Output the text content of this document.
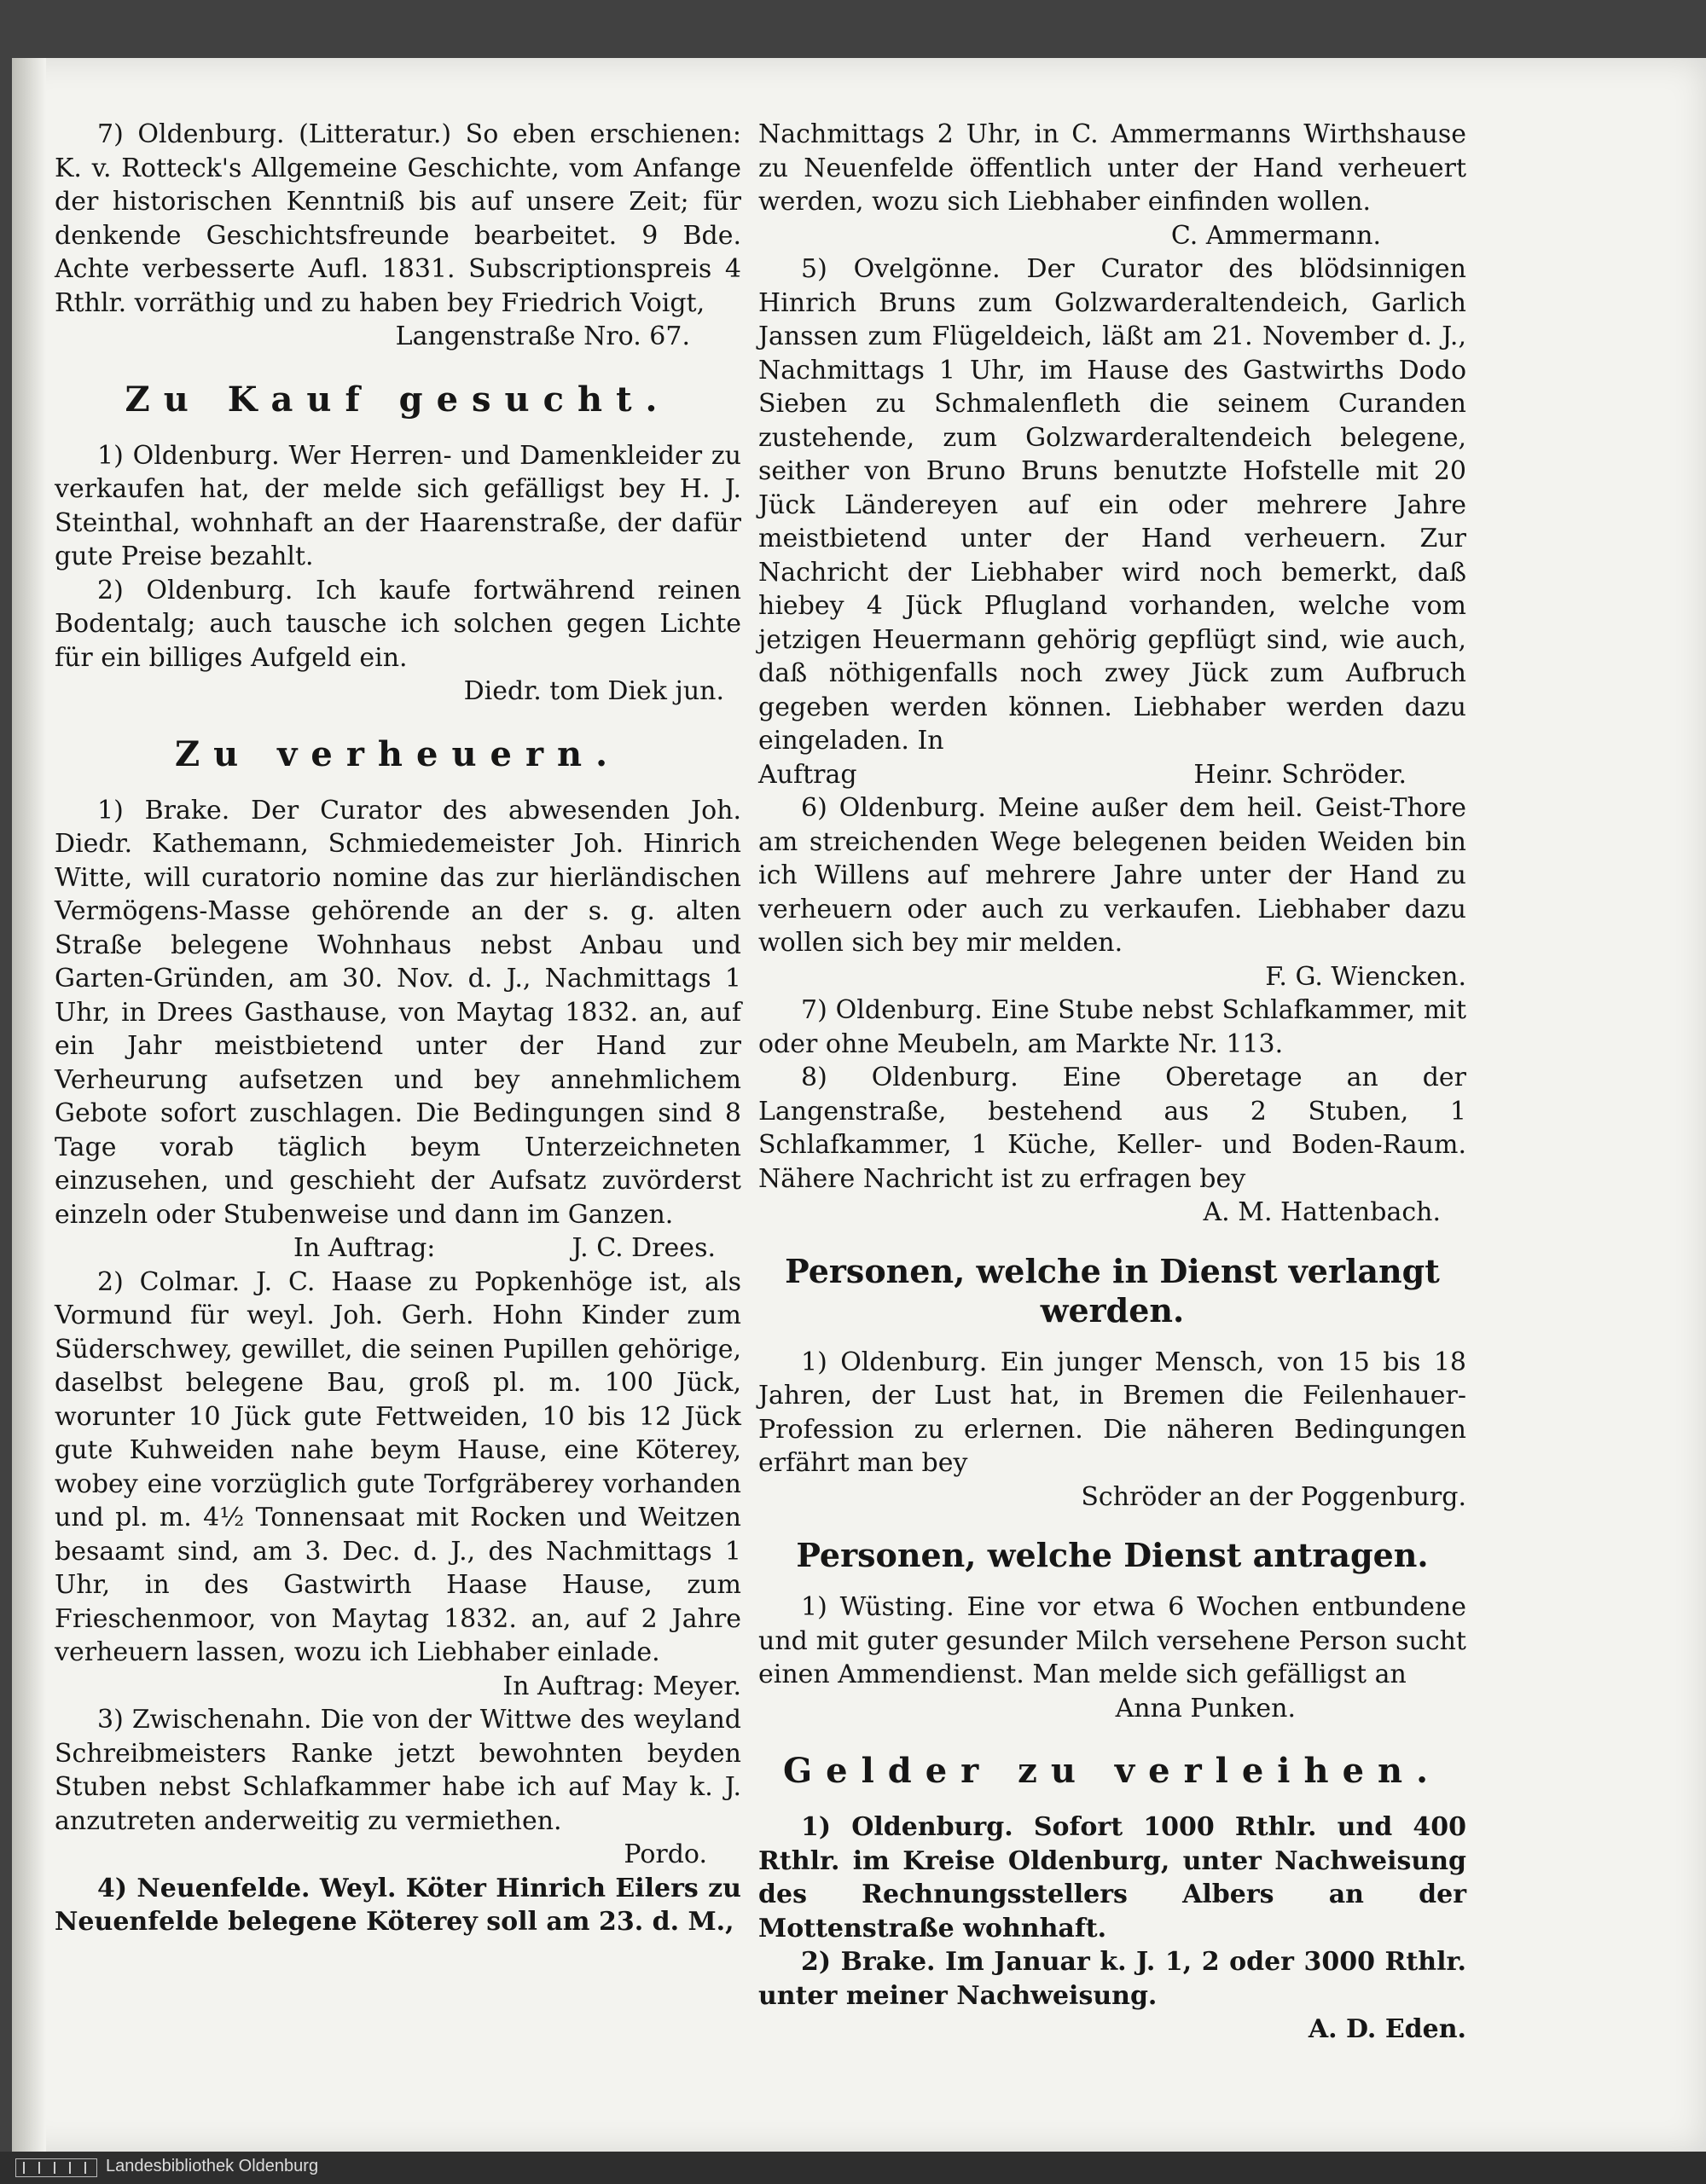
7) Oldenburg. (Litteratur.) So eben erschienen: K. v. Rotteck's Allgemeine Geschichte, vom Anfange der historischen Kenntniß bis auf unsere Zeit; für denkende Geschichtsfreunde bearbeitet. 9 Bde. Achte verbesserte Aufl. 1831. Subscriptionspreis 4 Rthlr. vorräthig und zu haben bey Friedrich Voigt,

Langenstraße Nro. 67.

Zu Kauf gesucht.

1) Oldenburg. Wer Herren- und Damenkleider zu verkaufen hat, der melde sich gefälligst bey H. J. Steinthal, wohnhaft an der Haarenstraße, der dafür gute Preise bezahlt.

2) Oldenburg. Ich kaufe fortwährend reinen Bodentalg; auch tausche ich solchen gegen Lichte für ein billiges Aufgeld ein.

Diedr. tom Diek jun.

Zu verheuern.

1) Brake. Der Curator des abwesenden Joh. Diedr. Kathemann, Schmiedemeister Joh. Hinrich Witte, will curatorio nomine das zur hierländischen Vermögens-Masse gehörende an der s. g. alten Straße belegene Wohnhaus nebst Anbau und Garten-Gründen, am 30. Nov. d. J., Nachmittags 1 Uhr, in Drees Gasthause, von Maytag 1832. an, auf ein Jahr meistbietend unter der Hand zur Verheurung aufsetzen und bey annehmlichem Gebote sofort zuschlagen. Die Bedingungen sind 8 Tage vorab täglich beym Unterzeichneten einzusehen, und geschieht der Aufsatz zuvörderst einzeln oder Stubenweise und dann im Ganzen.

In Auftrag:	J. C. Drees.

2) Colmar. J. C. Haase zu Popkenhöge ist, als Vormund für weyl. Joh. Gerh. Hohn Kinder zum Süderschwey, gewillet, die seinen Pupillen gehörige, daselbst belegene Bau, groß pl. m. 100 Jück, worunter 10 Jück gute Fettweiden, 10 bis 12 Jück gute Kuhweiden nahe beym Hause, eine Köterey, wobey eine vorzüglich gute Torfgräberey vorhanden und pl. m. 4½ Tonnensaat mit Rocken und Weitzen besaamt sind, am 3. Dec. d. J., des Nachmittags 1 Uhr, in des Gastwirth Haase Hause, zum Frieschenmoor, von Maytag 1832. an, auf 2 Jahre verheuern lassen, wozu ich Liebhaber einlade.

In Auftrag: Meyer.

3) Zwischenahn. Die von der Wittwe des weyland Schreibmeisters Ranke jetzt bewohnten beyden Stuben nebst Schlafkammer habe ich auf May k. J. anzutreten anderweitig zu vermiethen.

Pordo.

4) Neuenfelde. Weyl. Köter Hinrich Eilers zu Neuenfelde belegene Köterey soll am 23. d. M.,

Nachmittags 2 Uhr, in C. Ammermanns Wirthshause zu Neuenfelde öffentlich unter der Hand verheuert werden, wozu sich Liebhaber einfinden wollen.

C. Ammermann.

5) Ovelgönne. Der Curator des blödsinnigen Hinrich Bruns zum Golzwarderaltendeich, Garlich Janssen zum Flügeldeich, läßt am 21. November d. J., Nachmittags 1 Uhr, im Hause des Gastwirths Dodo Sieben zu Schmalenfleth die seinem Curanden zustehende, zum Golzwarderaltendeich belegene, seither von Bruno Bruns benutzte Hofstelle mit 20 Jück Ländereyen auf ein oder mehrere Jahre meistbietend unter der Hand verheuern. Zur Nachricht der Liebhaber wird noch bemerkt, daß hiebey 4 Jück Pflugland vorhanden, welche vom jetzigen Heuermann gehörig gepflügt sind, wie auch, daß nöthigenfalls noch zwey Jück zum Aufbruch gegeben werden können. Liebhaber werden dazu eingeladen. In

Auftrag	Heinr. Schröder.

6) Oldenburg. Meine außer dem heil. Geist-Thore am streichenden Wege belegenen beiden Weiden bin ich Willens auf mehrere Jahre unter der Hand zu verheuern oder auch zu verkaufen. Liebhaber dazu wollen sich bey mir melden.

F. G. Wiencken.

7) Oldenburg. Eine Stube nebst Schlafkammer, mit oder ohne Meubeln, am Markte Nr. 113.

8) Oldenburg. Eine Oberetage an der Langenstraße, bestehend aus 2 Stuben, 1 Schlafkammer, 1 Küche, Keller- und Boden-Raum. Nähere Nachricht ist zu erfragen bey

A. M. Hattenbach.

Personen, welche in Dienst verlangt werden.

1) Oldenburg. Ein junger Mensch, von 15 bis 18 Jahren, der Lust hat, in Bremen die Feilenhauer-Profession zu erlernen. Die näheren Bedingungen erfährt man bey

Schröder an der Poggenburg.

Personen, welche Dienst antragen.

1) Wüsting. Eine vor etwa 6 Wochen entbundene und mit guter gesunder Milch versehene Person sucht einen Ammendienst. Man melde sich gefälligst an

Anna Punken.

Gelder zu verleihen.

1) Oldenburg. Sofort 1000 Rthlr. und 400 Rthlr. im Kreise Oldenburg, unter Nachweisung des Rechnungsstellers Albers an der Mottenstraße wohnhaft.

2) Brake. Im Januar k. J. 1, 2 oder 3000 Rthlr. unter meiner Nachweisung.

A. D. Eden.

Landesbibliothek Oldenburg
